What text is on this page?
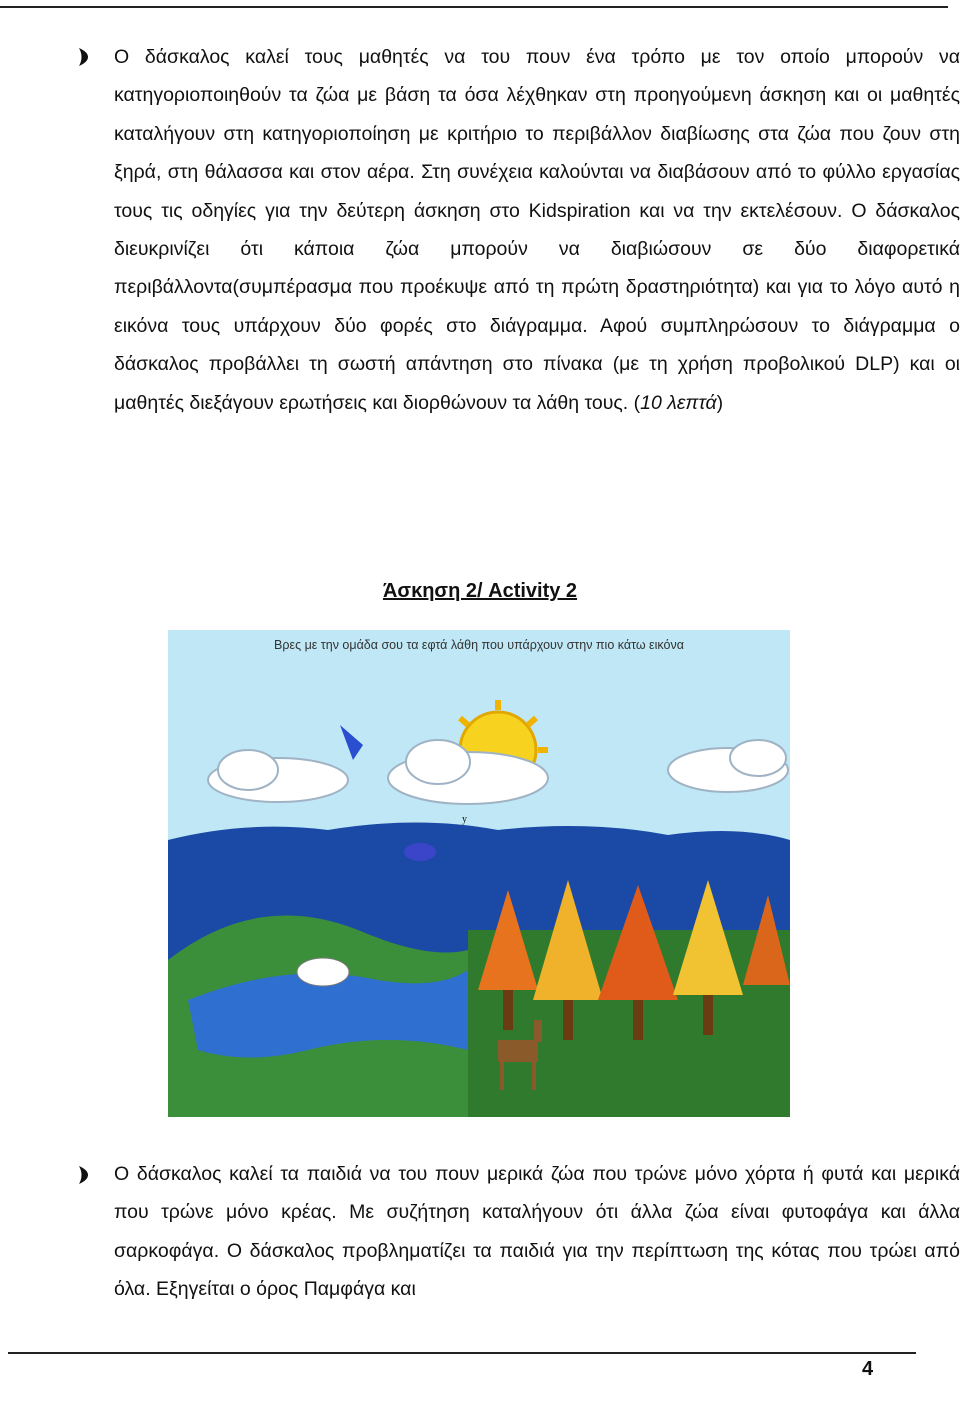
Ο δάσκαλος καλεί τους μαθητές να του πουν ένα τρόπο με τον οποίο μπορούν να κατηγοριοποιηθούν τα ζώα με βάση τα όσα λέχθηκαν στη προηγούμενη άσκηση και οι μαθητές καταλήγουν στη κατηγοριοποίηση με κριτήριο το περιβάλλον διαβίωσης στα ζώα που ζουν στη ξηρά, στη θάλασσα και στον αέρα. Στη συνέχεια καλούνται να διαβάσουν από το φύλλο εργασίας τους τις οδηγίες για την δεύτερη άσκηση στο Kidspiration και να την εκτελέσουν. Ο δάσκαλος διευκρινίζει ότι κάποια ζώα μπορούν να διαβιώσουν σε δύο διαφορετικά περιβάλλοντα(συμπέρασμα που προέκυψε από τη πρώτη δραστηριότητα) και για το λόγο αυτό η εικόνα τους υπάρχουν δύο φορές στο διάγραμμα. Αφού συμπληρώσουν το διάγραμμα ο δάσκαλος προβάλλει τη σωστή απάντηση στο πίνακα (με τη χρήση προβολικού DLP) και οι μαθητές διεξάγουν ερωτήσεις και διορθώνουν τα λάθη τους. (10 λεπτά)

Άσκηση 2/ Activity 2

Βρες με την ομάδα σου τα εφτά λάθη που υπάρχουν στην πιο κάτω εικόνα
y

Ο δάσκαλος καλεί τα παιδιά να του πουν μερικά ζώα που τρώνε μόνο χόρτα ή φυτά και μερικά που τρώνε μόνο κρέας. Με συζήτηση καταλήγουν ότι άλλα ζώα είναι φυτοφάγα και άλλα σαρκοφάγα. Ο δάσκαλος προβληματίζει τα παιδιά για την περίπτωση της κότας που τρώει από όλα. Εξηγείται ο όρος Παμφάγα και

4
